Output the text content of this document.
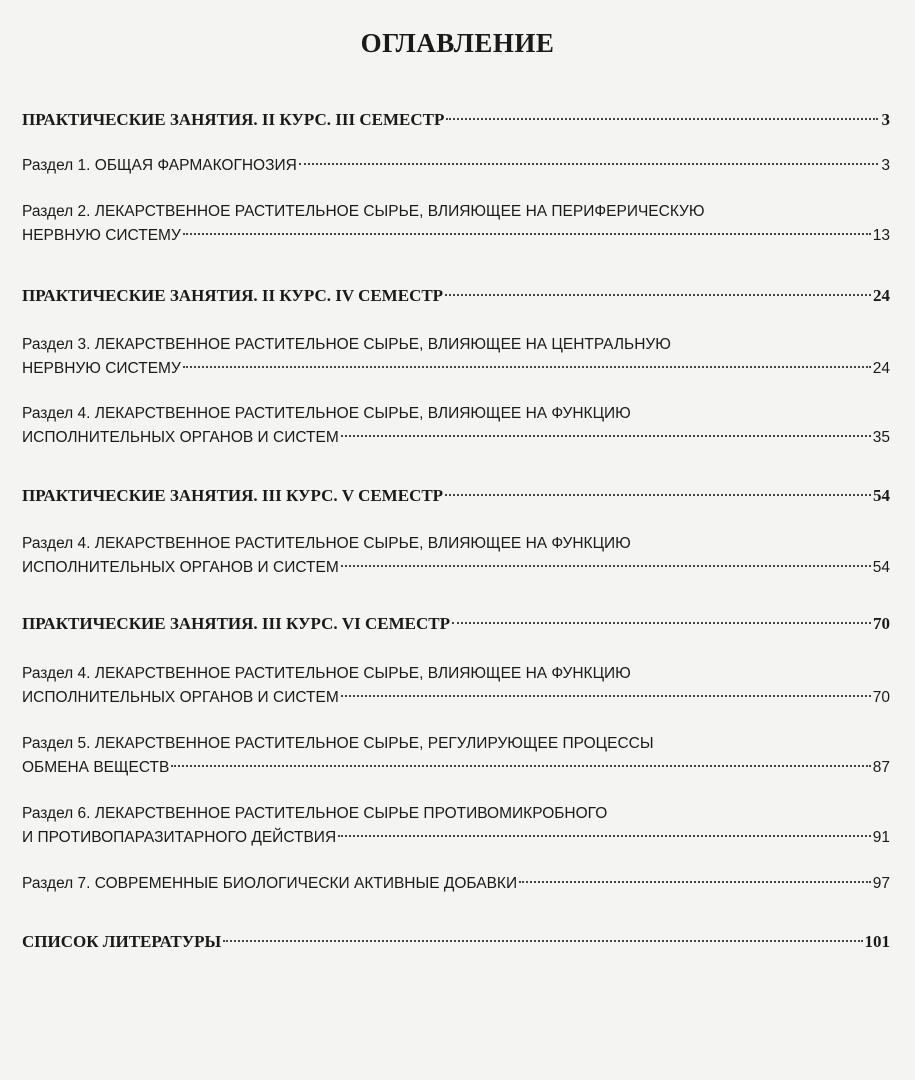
ОГЛАВЛЕНИЕ
ПРАКТИЧЕСКИЕ ЗАНЯТИЯ. II КУРС. III СЕМЕСТР	3
Раздел 1. ОБЩАЯ ФАРМАКОГНОЗИЯ	3
Раздел 2. ЛЕКАРСТВЕННОЕ РАСТИТЕЛЬНОЕ СЫРЬЕ, ВЛИЯЮЩЕЕ НА ПЕРИФЕРИЧЕСКУЮ
НЕРВНУЮ СИСТЕМУ	13
ПРАКТИЧЕСКИЕ ЗАНЯТИЯ. II КУРС. IV СЕМЕСТР	24
Раздел 3. ЛЕКАРСТВЕННОЕ РАСТИТЕЛЬНОЕ СЫРЬЕ, ВЛИЯЮЩЕЕ НА ЦЕНТРАЛЬНУЮ
НЕРВНУЮ СИСТЕМУ	24
Раздел 4. ЛЕКАРСТВЕННОЕ РАСТИТЕЛЬНОЕ СЫРЬЕ, ВЛИЯЮЩЕЕ НА ФУНКЦИЮ
ИСПОЛНИТЕЛЬНЫХ ОРГАНОВ И СИСТЕМ	35
ПРАКТИЧЕСКИЕ ЗАНЯТИЯ. III КУРС. V СЕМЕСТР	54
Раздел 4. ЛЕКАРСТВЕННОЕ РАСТИТЕЛЬНОЕ СЫРЬЕ, ВЛИЯЮЩЕЕ НА ФУНКЦИЮ
ИСПОЛНИТЕЛЬНЫХ ОРГАНОВ И СИСТЕМ	54
ПРАКТИЧЕСКИЕ ЗАНЯТИЯ. III КУРС. VI СЕМЕСТР	70
Раздел 4. ЛЕКАРСТВЕННОЕ РАСТИТЕЛЬНОЕ СЫРЬЕ, ВЛИЯЮЩЕЕ НА ФУНКЦИЮ
ИСПОЛНИТЕЛЬНЫХ ОРГАНОВ И СИСТЕМ	70
Раздел 5. ЛЕКАРСТВЕННОЕ РАСТИТЕЛЬНОЕ СЫРЬЕ, РЕГУЛИРУЮЩЕЕ ПРОЦЕССЫ
ОБМЕНА ВЕЩЕСТВ	87
Раздел 6. ЛЕКАРСТВЕННОЕ РАСТИТЕЛЬНОЕ СЫРЬЕ ПРОТИВОМИКРОБНОГО
И ПРОТИВОПАРАЗИТАРНОГО ДЕЙСТВИЯ	91
Раздел 7. СОВРЕМЕННЫЕ БИОЛОГИЧЕСКИ АКТИВНЫЕ ДОБАВКИ	97
СПИСОК ЛИТЕРАТУРЫ	101
